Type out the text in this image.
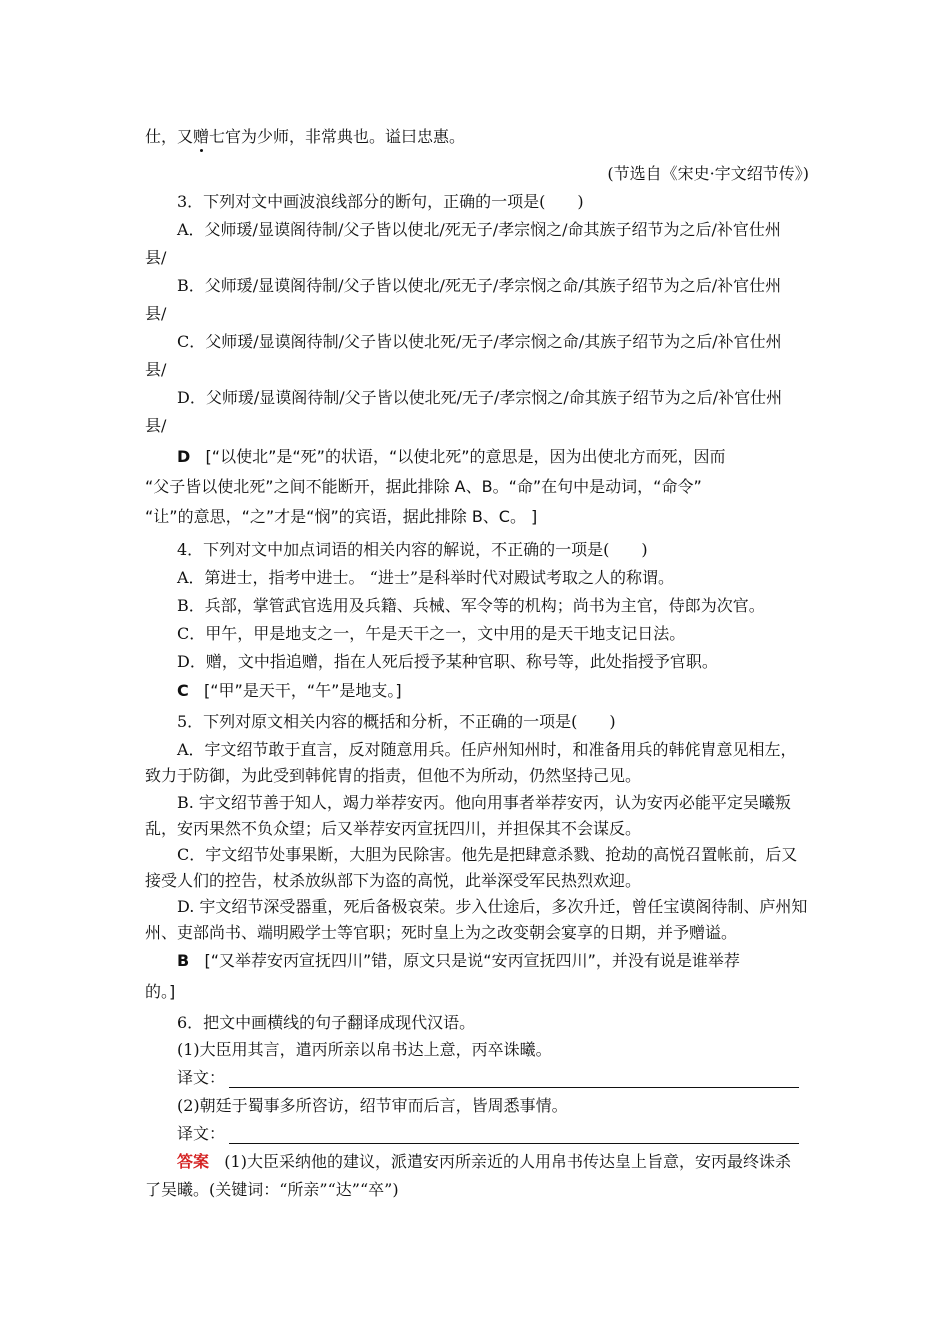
仕，又赠七官为少师，非常典也。谥曰忠惠。
(节选自《宋史·宇文绍节传》)
3．下列对文中画波浪线部分的断句，正确的一项是(　　)
A．父师瑗/显谟阁待制/父子皆以使北/死无子/孝宗悯之/命其族子绍节为之后/补官仕州
县/
B．父师瑗/显谟阁待制/父子皆以使北/死无子/孝宗悯之命/其族子绍节为之后/补官仕州
县/
C．父师瑗/显谟阁待制/父子皆以使北死/无子/孝宗悯之命/其族子绍节为之后/补官仕州
县/
D．父师瑗/显谟阁待制/父子皆以使北死/无子/孝宗悯之/命其族子绍节为之后/补官仕州
县/
D [“以使北”是“死”的状语，“以使北死”的意思是，因为出使北方而死，因而
“父子皆以使北死”之间不能断开，据此排除 A、B。“命”在句中是动词，“命令”
“让”的意思，“之”才是“悯”的宾语，据此排除 B、C。 ]
4．下列对文中加点词语的相关内容的解说，不正确的一项是(　　)
A．第进士，指考中进士。 “进士”是科举时代对殿试考取之人的称谓。
B．兵部，掌管武官选用及兵籍、兵械、军令等的机构；尚书为主官，侍郎为次官。
C．甲午，甲是地支之一，午是天干之一，文中用的是天干地支记日法。
D．赠，文中指追赠，指在人死后授予某种官职、称号等，此处指授予官职。
C [“甲”是天干，“午”是地支。]
5．下列对原文相关内容的概括和分析，不正确的一项是(　　)
A．宇文绍节敢于直言，反对随意用兵。任庐州知州时，和准备用兵的韩侂胄意见相左，
致力于防御，为此受到韩侂胄的指责，但他不为所动，仍然坚持己见。
B. 宇文绍节善于知人，竭力举荐安丙。他向用事者举荐安丙，认为安丙必能平定吴曦叛
乱，安丙果然不负众望；后又举荐安丙宣抚四川，并担保其不会谋反。
C．宇文绍节处事果断，大胆为民除害。他先是把肆意杀戮、抢劫的高悦召置帐前，后又
接受人们的控告，杖杀放纵部下为盗的高悦，此举深受军民热烈欢迎。
D. 宇文绍节深受器重，死后备极哀荣。步入仕途后，多次升迁，曾任宝谟阁待制、庐州知
州、吏部尚书、端明殿学士等官职；死时皇上为之改变朝会宴享的日期，并予赠谥。
B [“又举荐安丙宣抚四川”错，原文只是说“安丙宣抚四川”，并没有说是谁举荐
的。]
6．把文中画横线的句子翻译成现代汉语。
(1)大臣用其言，遣丙所亲以帛书达上意，丙卒诛曦。
译文：
(2)朝廷于蜀事多所咨访，绍节审而后言，皆周悉事情。
译文：
答案 (1)大臣采纳他的建议，派遣安丙所亲近的人用帛书传达皇上旨意，安丙最终诛杀
了吴曦。(关键词：“所亲”“达”“卒”)
